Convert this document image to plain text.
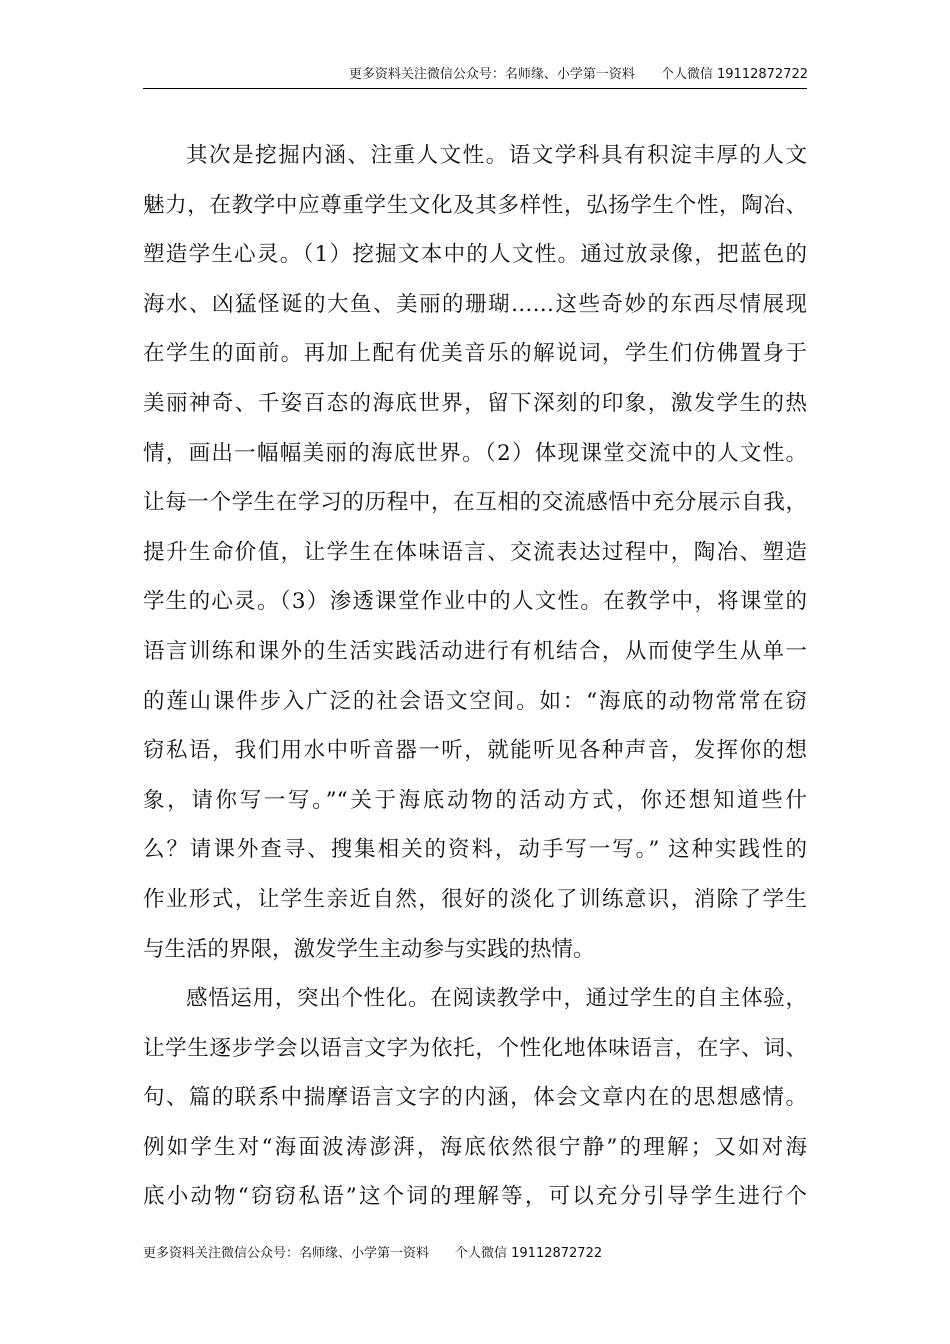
更多资料关注微信公众号：名师缘、小学第一资料　　个人微信 19112872722
其次是挖掘内涵、注重人文性。语文学科具有积淀丰厚的人文
魅力，在教学中应尊重学生文化及其多样性，弘扬学生个性，陶冶、
塑造学生心灵。（1）挖掘文本中的人文性。通过放录像，把蓝色的
海水、凶猛怪诞的大鱼、美丽的珊瑚……这些奇妙的东西尽情展现
在学生的面前。再加上配有优美音乐的解说词，学生们仿佛置身于
美丽神奇、千姿百态的海底世界，留下深刻的印象，激发学生的热
情，画出一幅幅美丽的海底世界。（2）体现课堂交流中的人文性。
让每一个学生在学习的历程中，在互相的交流感悟中充分展示自我，
提升生命价值，让学生在体味语言、交流表达过程中，陶冶、塑造
学生的心灵。（3）渗透课堂作业中的人文性。在教学中，将课堂的
语言训练和课外的生活实践活动进行有机结合，从而使学生从单一
的莲山课件步入广泛的社会语文空间。如：“海底的动物常常在窃
窃私语，我们用水中听音器一听，就能听见各种声音，发挥你的想
象，请你写一写。”“关于海底动物的活动方式，你还想知道些什
么？请课外查寻、搜集相关的资料，动手写一写。” 这种实践性的
作业形式，让学生亲近自然，很好的淡化了训练意识，消除了学生
与生活的界限，激发学生主动参与实践的热情。
感悟运用，突出个性化。在阅读教学中，通过学生的自主体验，
让学生逐步学会以语言文字为依托，个性化地体味语言，在字、词、
句、篇的联系中揣摩语言文字的内涵，体会文章内在的思想感情。
例如学生对“海面波涛澎湃，海底依然很宁静”的理解；又如对海
底小动物“窃窃私语”这个词的理解等，可以充分引导学生进行个
更多资料关注微信公众号：名师缘、小学第一资料　　个人微信 19112872722
